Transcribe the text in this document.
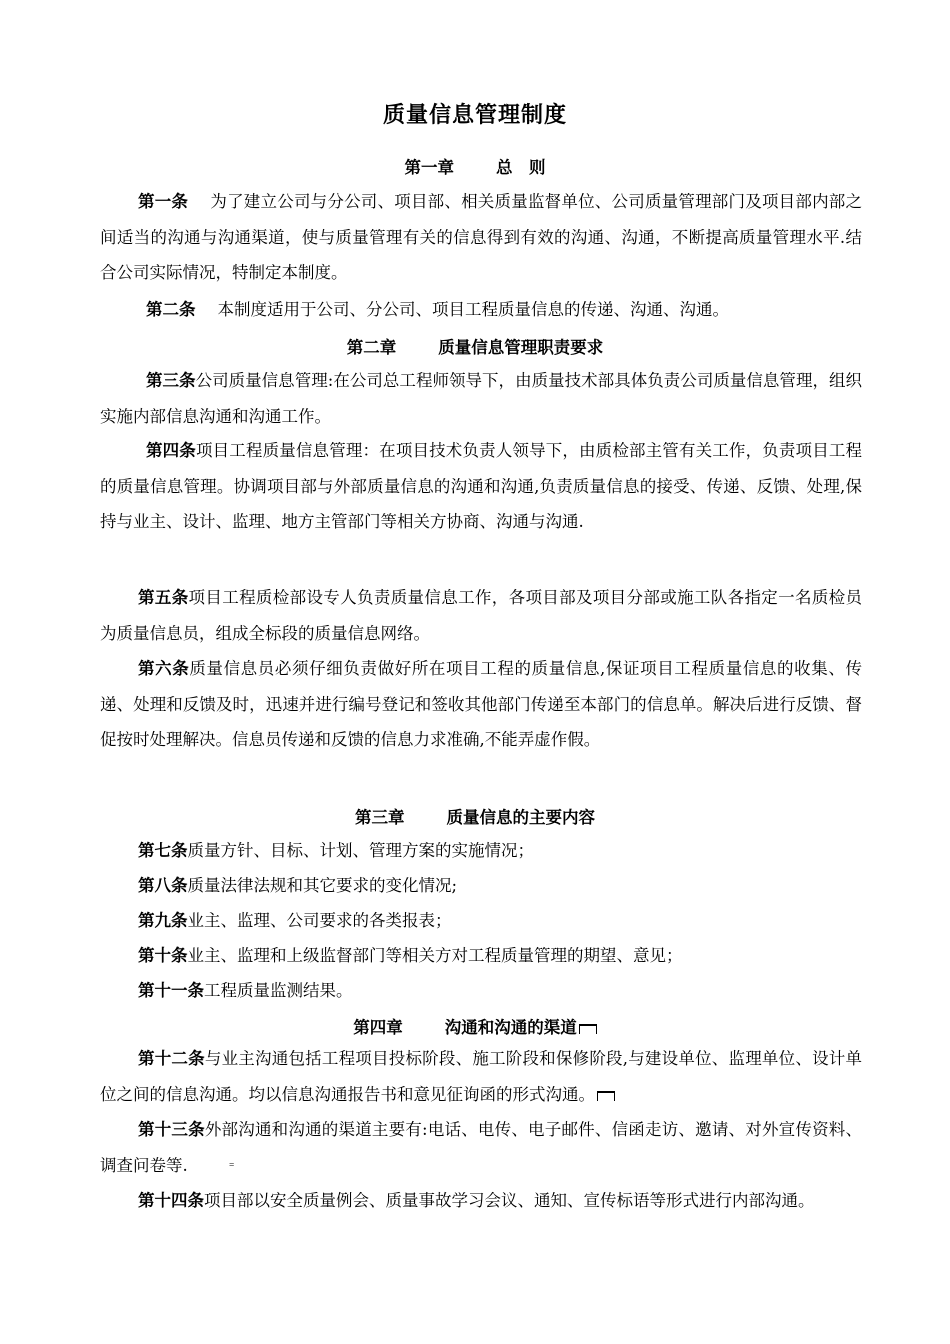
质量信息管理制度

第一章	总　则

第一条 为了建立公司与分公司、项目部、相关质量监督单位、公司质量管理部门及项目部内部之间适当的沟通与沟通渠道，使与质量管理有关的信息得到有效的沟通、沟通，不断提高质量管理水平.结合公司实际情况，特制定本制度。

第二条 本制度适用于公司、分公司、项目工程质量信息的传递、沟通、沟通。

第二章	质量信息管理职责要求

第三条公司质量信息管理:在公司总工程师领导下，由质量技术部具体负责公司质量信息管理，组织实施内部信息沟通和沟通工作。

第四条项目工程质量信息管理：在项目技术负责人领导下，由质检部主管有关工作，负责项目工程的质量信息管理。协调项目部与外部质量信息的沟通和沟通,负责质量信息的接受、传递、反馈、处理,保持与业主、设计、监理、地方主管部门等相关方协商、沟通与沟通.

第五条项目工程质检部设专人负责质量信息工作，各项目部及项目分部或施工队各指定一名质检员为质量信息员，组成全标段的质量信息网络。

第六条质量信息员必须仔细负责做好所在项目工程的质量信息,保证项目工程质量信息的收集、传递、处理和反馈及时，迅速并进行编号登记和签收其他部门传递至本部门的信息单。解决后进行反馈、督促按时处理解决。信息员传递和反馈的信息力求准确,不能弄虚作假。

第三章	质量信息的主要内容

第七条质量方针、目标、计划、管理方案的实施情况；

第八条质量法律法规和其它要求的变化情况;

第九条业主、监理、公司要求的各类报表；

第十条业主、监理和上级监督部门等相关方对工程质量管理的期望、意见；

第十一条工程质量监测结果。

第四章	沟通和沟通的渠道

第十二条与业主沟通包括工程项目投标阶段、施工阶段和保修阶段,与建设单位、监理单位、设计单位之间的信息沟通。均以信息沟通报告书和意见征询函的形式沟通。

第十三条外部沟通和沟通的渠道主要有:电话、电传、电子邮件、信函走访、邀请、对外宣传资料、调查问卷等.	⁼

第十四条项目部以安全质量例会、质量事故学习会议、通知、宣传标语等形式进行内部沟通。
